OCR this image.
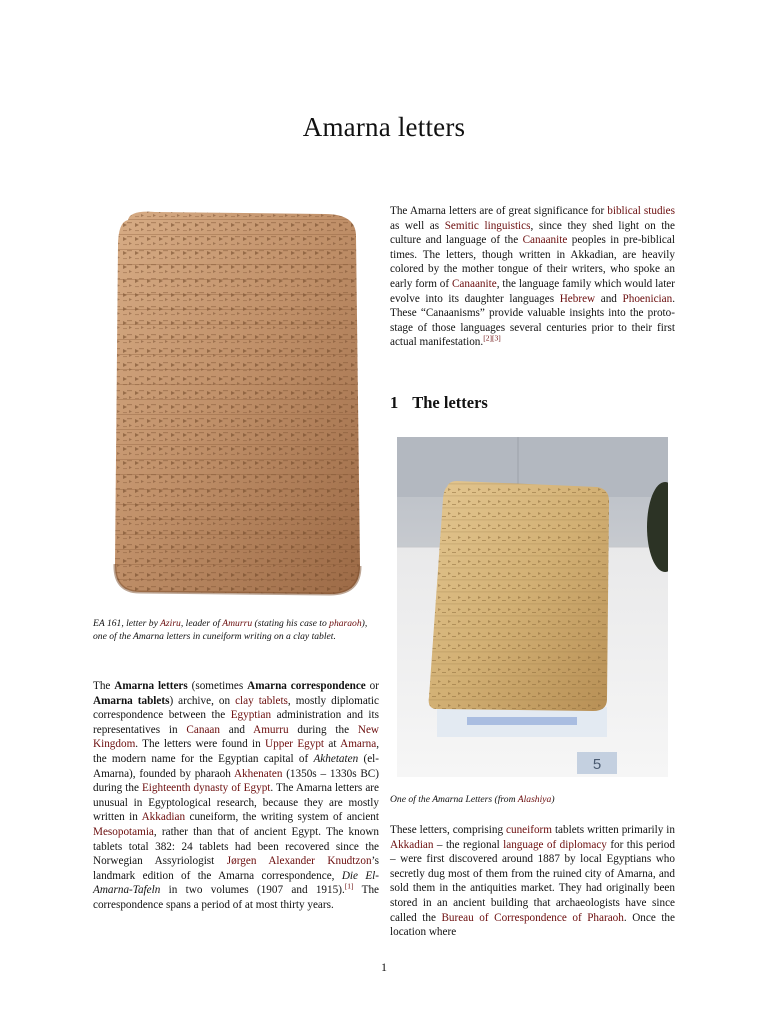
Amarna letters
EA 161, letter by Aziru, leader of Amurru (stating his case to pharaoh), one of the Amarna letters in cuneiform writing on a clay tablet.

The Amarna letters (sometimes Amarna correspondence or Amarna tablets) archive, on clay tablets, mostly diplomatic correspondence between the Egyptian administration and its representatives in Canaan and Amurru during the New Kingdom. The letters were found in Upper Egypt at Amarna, the modern name for the Egyptian capital of Akhetaten (el-Amarna), founded by pharaoh Akhenaten (1350s – 1330s BC) during the Eighteenth dynasty of Egypt. The Amarna letters are unusual in Egyptological research, because they are mostly written in Akkadian cuneiform, the writing system of ancient Mesopotamia, rather than that of ancient Egypt. The known tablets total 382: 24 tablets had been recovered since the Norwegian Assyriologist Jørgen Alexander Knudtzon’s landmark edition of the Amarna correspondence, Die El-Amarna-Tafeln in two volumes (1907 and 1915).[1] The correspondence spans a period of at most thirty years.

The Amarna letters are of great significance for biblical studies as well as Semitic linguistics, since they shed light on the culture and language of the Canaanite peoples in pre-biblical times. The letters, though written in Akkadian, are heavily colored by the mother tongue of their writers, who spoke an early form of Canaanite, the language family which would later evolve into its daughter languages Hebrew and Phoenician. These “Canaanisms” provide valuable insights into the proto-stage of those languages several centuries prior to their first actual manifestation.[2][3]

1 The letters
5
One of the Amarna Letters (from Alashiya)

These letters, comprising cuneiform tablets written primarily in Akkadian – the regional language of diplomacy for this period – were first discovered around 1887 by local Egyptians who secretly dug most of them from the ruined city of Amarna, and sold them in the antiquities market. They had originally been stored in an ancient building that archaeologists have since called the Bureau of Correspondence of Pharaoh. Once the location where

1
